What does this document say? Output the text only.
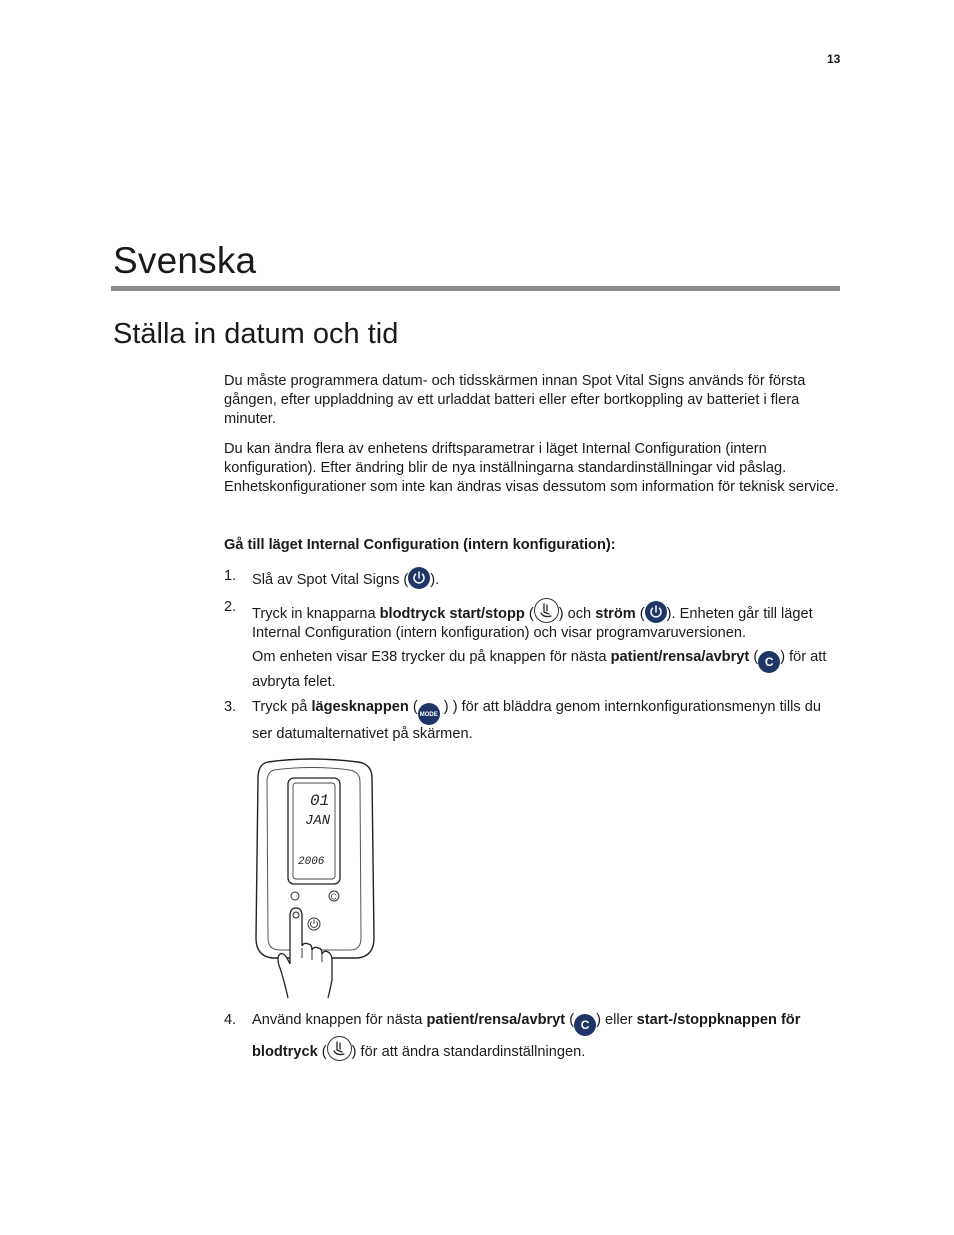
13
Svenska
Ställa in datum och tid
Du måste programmera datum- och tidsskärmen innan Spot Vital Signs används för första gången, efter uppladdning av ett urladdat batteri eller efter bortkoppling av batteriet i flera minuter.
Du kan ändra flera av enhetens driftsparametrar i läget Internal Configuration (intern konfiguration). Efter ändring blir de nya inställningarna standardinställningar vid påslag. Enhetskonfigurationer som inte kan ändras visas dessutom som information för teknisk service.
Gå till läget Internal Configuration (intern konfiguration):
1. Slå av Spot Vital Signs ( ).
2. Tryck in knapparna blodtryck start/stopp ( ) och ström ( ). Enheten går till läget Internal Configuration (intern konfiguration) och visar programvaruversionen.
Om enheten visar E38 trycker du på knappen för nästa patient/rensa/avbryt ( C ) för att avbryta felet.
3. Tryck på lägesknappen ( MODE ) ) för att bläddra genom internkonfigurationsmenyn tills du ser datumalternativet på skärmen.
01
JAN
2006
C
4. Använd knappen för nästa patient/rensa/avbryt ( C ) eller start-/stoppknappen för blodtryck ( ) för att ändra standardinställningen.
